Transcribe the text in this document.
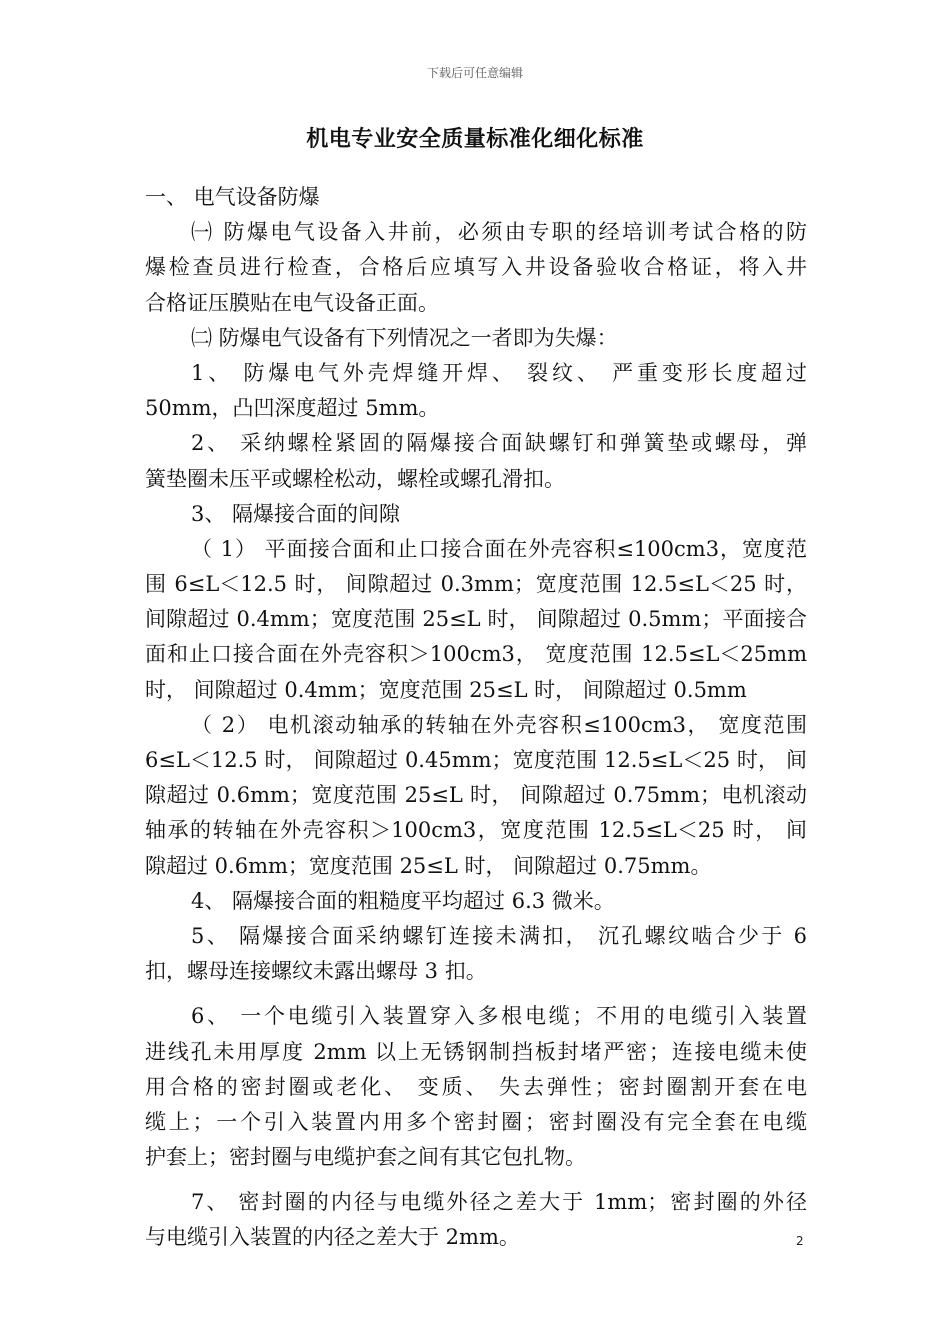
下载后可任意编辑
机电专业安全质量标准化细化标准
一、 电气设备防爆
㈠ 防爆电气设备入井前，必须由专职的经培训考试合格的防
爆检查员进行检查，合格后应填写入井设备验收合格证，将入井
合格证压膜贴在电气设备正面。
㈡ 防爆电气设备有下列情况之一者即为失爆：
1、 防爆电气外壳焊缝开焊、 裂纹、 严重变形长度超过
50mm，凸凹深度超过 5mm。
2、 采纳螺栓紧固的隔爆接合面缺螺钉和弹簧垫或螺母，弹
簧垫圈未压平或螺栓松动，螺栓或螺孔滑扣。
3、 隔爆接合面的间隙
（ 1） 平面接合面和止口接合面在外壳容积≤100cm3，宽度范
围 6≤L＜12.5 时， 间隙超过 0.3mm；宽度范围 12.5≤L＜25 时，
间隙超过 0.4mm；宽度范围 25≤L 时， 间隙超过 0.5mm；平面接合
面和止口接合面在外壳容积＞100cm3， 宽度范围 12.5≤L＜25mm
时， 间隙超过 0.4mm；宽度范围 25≤L 时， 间隙超过 0.5mm
（ 2） 电机滚动轴承的转轴在外壳容积≤100cm3， 宽度范围
6≤L＜12.5 时， 间隙超过 0.45mm；宽度范围 12.5≤L＜25 时， 间
隙超过 0.6mm；宽度范围 25≤L 时， 间隙超过 0.75mm；电机滚动
轴承的转轴在外壳容积＞100cm3，宽度范围 12.5≤L＜25 时， 间
隙超过 0.6mm；宽度范围 25≤L 时， 间隙超过 0.75mm。
4、 隔爆接合面的粗糙度平均超过 6.3 微米。
5、 隔爆接合面采纳螺钉连接未满扣， 沉孔螺纹啮合少于 6
扣，螺母连接螺纹未露出螺母 3 扣。
6、 一个电缆引入装置穿入多根电缆；不用的电缆引入装置
进线孔未用厚度 2mm 以上无锈钢制挡板封堵严密；连接电缆未使
用合格的密封圈或老化、 变质、 失去弹性；密封圈割开套在电
缆上；一个引入装置内用多个密封圈；密封圈没有完全套在电缆
护套上；密封圈与电缆护套之间有其它包扎物。
7、 密封圈的内径与电缆外径之差大于 1mm；密封圈的外径
与电缆引入装置的内径之差大于 2mm。	2
